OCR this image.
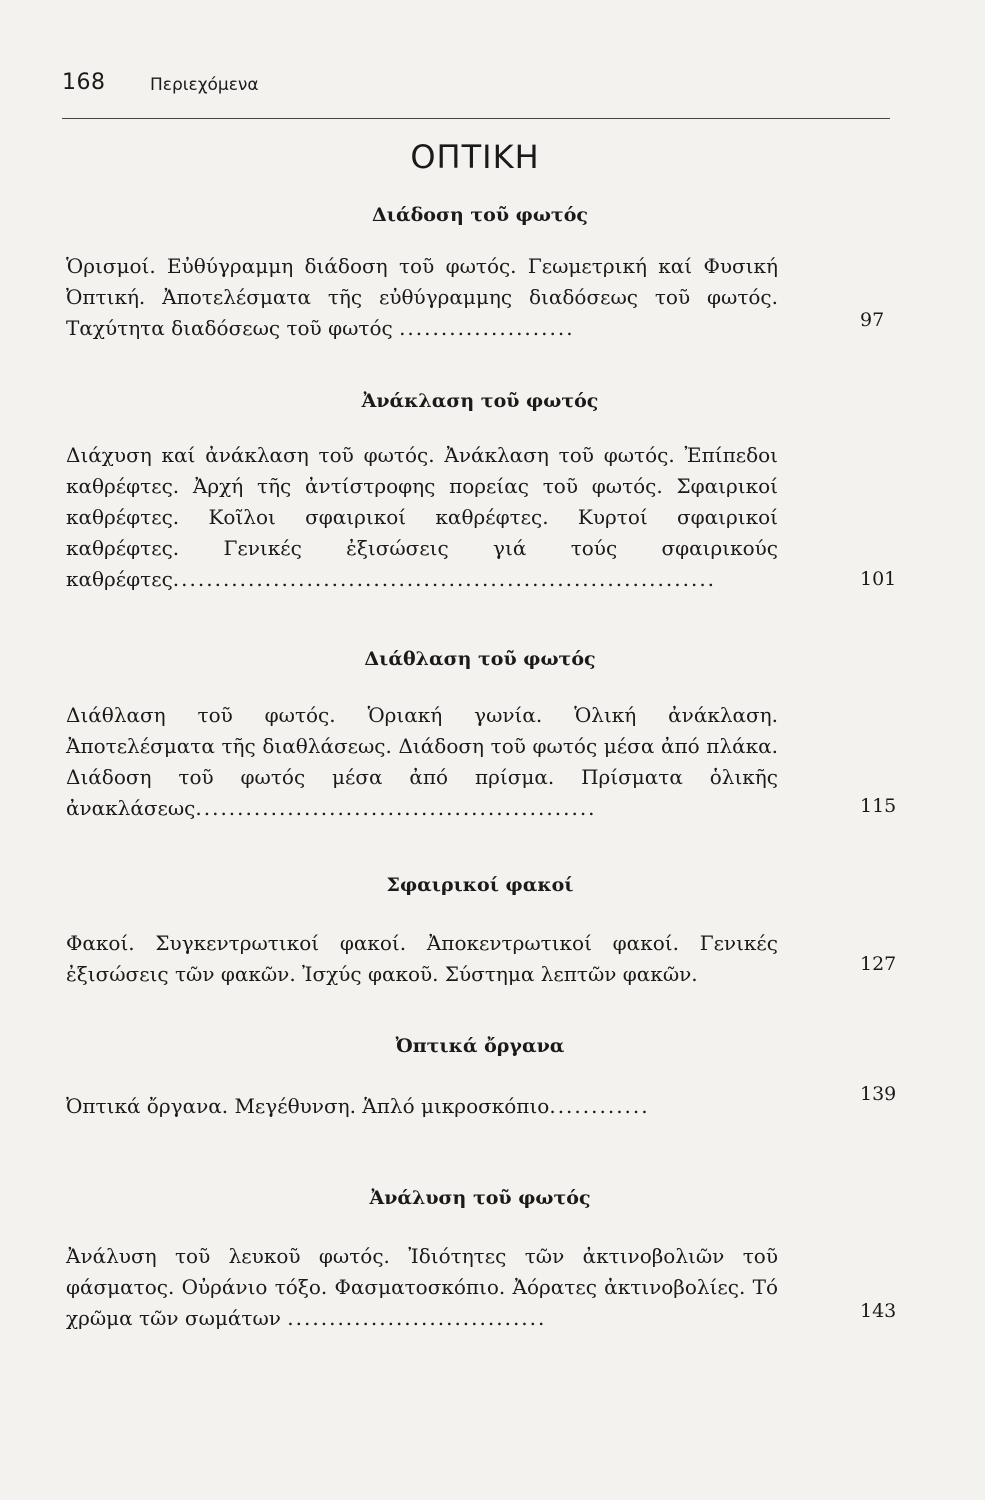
168	Περιεχόμενα
ΟΠΤΙΚΗ
Διάδοση τοῦ φωτός
Ὁρισμοί. Εὐθύγραμμη διάδοση τοῦ φωτός. Γεωμετρική καί Φυσική Ὀπτική. Ἀποτελέσματα τῆς εὐθύγραμμης διαδόσεως τοῦ φωτός. Ταχύτητα διαδόσεως τοῦ φωτός .....................	97
Ἀνάκλαση τοῦ φωτός
Διάχυση καί ἀνάκλαση τοῦ φωτός. Ἀνάκλαση τοῦ φωτός. Ἐπίπεδοι καθρέφτες. Ἀρχή τῆς ἀντίστροφης πορείας τοῦ φωτός. Σφαιρικοί καθρέφτες. Κοῖλοι σφαιρικοί καθρέφτες. Κυρτοί σφαιρικοί καθρέφτες. Γενικές ἐξισώσεις γιά τούς σφαιρικούς καθρέφτες.................................................................	101
Διάθλαση τοῦ φωτός
Διάθλαση τοῦ φωτός. Ὁριακή γωνία. Ὁλική ἀνάκλαση. Ἀποτελέσματα τῆς διαθλάσεως. Διάδοση τοῦ φωτός μέσα ἀπό πλάκα. Διάδοση τοῦ φωτός μέσα ἀπό πρίσμα. Πρίσματα ὁλικῆς ἀνακλάσεως................................................	115
Σφαιρικοί φακοί
Φακοί. Συγκεντρωτικοί φακοί. Ἀποκεντρωτικοί φακοί. Γενικές ἐξισώσεις τῶν φακῶν. Ἰσχύς φακοῦ. Σύστημα λεπτῶν φακῶν.	127
Ὀπτικά ὄργανα
Ὀπτικά ὄργανα. Μεγέθυνση. Ἁπλό μικροσκόπιο............	139
Ἀνάλυση τοῦ φωτός
Ἀνάλυση τοῦ λευκοῦ φωτός. Ἰδιότητες τῶν ἀκτινοβολιῶν τοῦ φάσματος. Οὐράνιο τόξο. Φασματοσκόπιο. Ἀόρατες ἀκτινοβολίες. Τό χρῶμα τῶν σωμάτων ...............................	143
